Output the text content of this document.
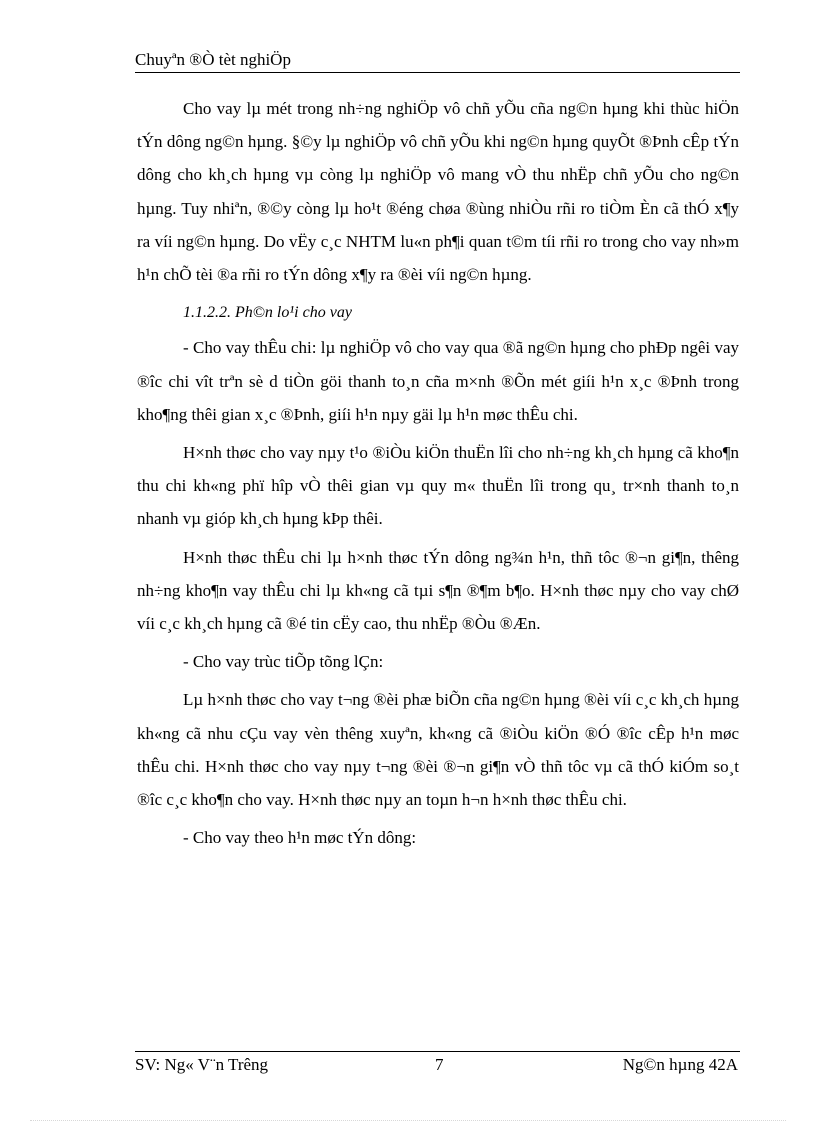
Chuyªn ®Ò tèt nghiÖp

Cho vay lµ mét trong nh÷ng nghiÖp vô chñ yÕu cña ng©n hµng khi thùc hiÖn tÝn dông ng©n hµng. §©y lµ nghiÖp vô chñ yÕu khi ng©n hµng quyÕt ®Þnh cÊp tÝn dông cho kh¸ch hµng vµ còng lµ nghiÖp vô mang vÒ thu nhËp chñ yÕu cho ng©n hµng. Tuy nhiªn, ®©y còng lµ ho¹t ®éng chøa ®ùng nhiÒu rñi ro tiÒm Èn cã thÓ x¶y ra víi ng©n hµng. Do vËy c¸c NHTM lu«n ph¶i quan t©m tíi rñi ro trong cho vay nh»m h¹n chÕ tèi ®a rñi ro tÝn dông x¶y ra ®èi víi ng©n hµng.

1.1.2.2. Ph©n lo¹i cho vay

- Cho vay thÊu chi: lµ nghiÖp vô cho vay qua ®ã ng©n hµng cho phÐp ngêi vay ®îc chi vît trªn sè d tiÒn göi thanh to¸n cña m×nh ®Õn mét giíi h¹n x¸c ®Þnh trong kho¶ng thêi gian x¸c ®Þnh, giíi h¹n nµy gäi lµ h¹n møc thÊu chi.

H×nh thøc cho vay nµy t¹o ®iÒu kiÖn thuËn lîi cho nh÷ng kh¸ch hµng cã kho¶n thu chi kh«ng phï hîp vÒ thêi gian vµ quy m« thuËn lîi trong qu¸ tr×nh thanh to¸n nhanh vµ gióp kh¸ch hµng kÞp thêi.

H×nh thøc thÊu chi lµ h×nh thøc tÝn dông ng¾n h¹n, thñ tôc ®¬n gi¶n, thêng nh÷ng kho¶n vay thÊu chi lµ kh«ng cã tµi s¶n ®¶m b¶o. H×nh thøc nµy cho vay chØ víi c¸c kh¸ch hµng cã ®é tin cËy cao, thu nhËp ®Òu ®Æn.

- Cho vay trùc tiÕp tõng lÇn:

Lµ h×nh thøc cho vay t¬ng ®èi phæ biÕn cña ng©n hµng ®èi víi c¸c kh¸ch hµng kh«ng cã nhu cÇu vay vèn thêng xuyªn, kh«ng cã ®iÒu kiÖn ®Ó ®îc cÊp h¹n møc thÊu chi. H×nh thøc cho vay nµy t¬ng ®èi ®¬n gi¶n vÒ thñ tôc vµ cã thÓ kiÓm so¸t ®îc c¸c kho¶n cho vay. H×nh thøc nµy an toµn h¬n h×nh thøc thÊu chi.

- Cho vay theo h¹n møc tÝn dông:

SV: Ng« V¨n Trêng	7	Ng©n hµng 42A
